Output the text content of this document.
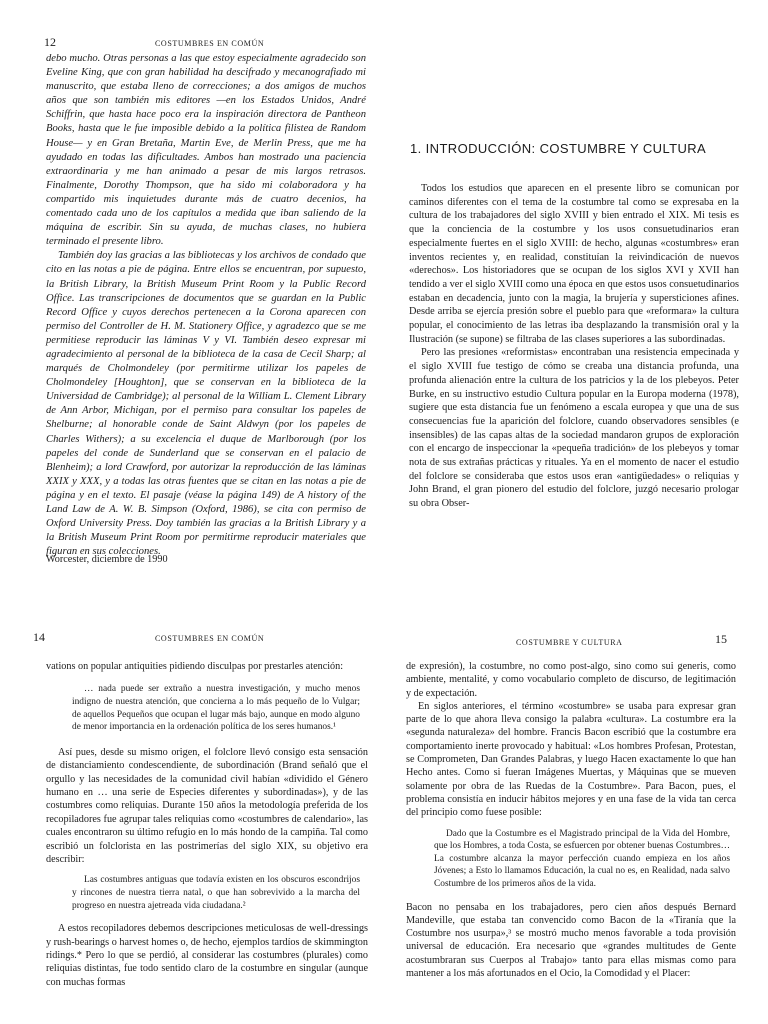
12	COSTUMBRES EN COMÚN

debo mucho. Otras personas a las que estoy especialmente agradecido son Eveline King, que con gran habilidad ha descifrado y mecanografiado mi manuscrito, que estaba lleno de correcciones; a dos amigos de muchos años que son también mis editores —en los Estados Unidos, André Schiffrin, que hasta hace poco era la inspiración directora de Pantheon Books, hasta que le fue imposible debido a la política filistea de Random House— y en Gran Bretaña, Martin Eve, de Merlin Press, que me ha ayudado en todas las dificultades. Ambos han mostrado una paciencia extraordinaria y me han animado a pesar de mis largos retrasos. Finalmente, Dorothy Thompson, que ha sido mi colaboradora y ha compartido mis inquietudes durante más de cuatro decenios, ha comentado cada uno de los capítulos a medida que iban saliendo de la máquina de escribir. Sin su ayuda, de muchas clases, no hubiera terminado el presente libro.

También doy las gracias a las bibliotecas y los archivos de condado que cito en las notas a pie de página. Entre ellos se encuentran, por supuesto, la British Library, la British Museum Print Room y la Public Record Office. Las transcripciones de documentos que se guardan en la Public Record Office y cuyos derechos pertenecen a la Corona aparecen con permiso del Controller de H. M. Stationery Office, y agradezco que se me permitiese reproducir las láminas V y VI. También deseo expresar mi agradecimiento al personal de la biblioteca de la casa de Cecil Sharp; al marqués de Cholmondeley (por permitirme utilizar los papeles de Cholmondeley [Houghton], que se conservan en la biblioteca de la Universidad de Cambridge); al personal de la William L. Clement Library de Ann Arbor, Michigan, por el permiso para consultar los papeles de Shelburne; al honorable conde de Saint Aldwyn (por los papeles de Charles Withers); a su excelencia el duque de Marlborough (por los papeles del conde de Sunderland que se conservan en el palacio de Blenheim); a lord Crawford, por autorizar la reproducción de las láminas XXIX y XXX, y a todas las otras fuentes que se citan en las notas a pie de página y en el texto. El pasaje (véase la página 149) de A history of the Land Law de A. W. B. Simpson (Oxford, 1986), se cita con permiso de Oxford University Press. Doy también las gracias a la British Library y a la British Museum Print Room por permitirme reproducir materiales que figuran en sus colecciones.

Worcester, diciembre de 1990
1. INTRODUCCIÓN: COSTUMBRE Y CULTURA

Todos los estudios que aparecen en el presente libro se comunican por caminos diferentes con el tema de la costumbre tal como se expresaba en la cultura de los trabajadores del siglo XVIII y bien entrado el XIX. Mi tesis es que la conciencia de la costumbre y los usos consuetudinarios eran especialmente fuertes en el siglo XVIII: de hecho, algunas «costumbres» eran inventos recientes y, en realidad, constituían la reivindicación de nuevos «derechos». Los historiadores que se ocupan de los siglos XVI y XVII han tendido a ver el siglo XVIII como una época en que estos usos consuetudinarios estaban en decadencia, junto con la magia, la brujería y supersticiones afines. Desde arriba se ejercía presión sobre el pueblo para que «reformara» la cultura popular, el conocimiento de las letras iba desplazando la transmisión oral y la Ilustración (se supone) se filtraba de las clases superiores a las subordinadas.

Pero las presiones «reformistas» encontraban una resistencia empecinada y el siglo XVIII fue testigo de cómo se creaba una distancia profunda, una profunda alienación entre la cultura de los patricios y la de los plebeyos. Peter Burke, en su instructivo estudio Cultura popular en la Europa moderna (1978), sugiere que esta distancia fue un fenómeno a escala europea y que una de sus consecuencias fue la aparición del folclore, cuando observadores sensibles (e insensibles) de las capas altas de la sociedad mandaron grupos de exploración con el encargo de inspeccionar la «pequeña tradición» de los plebeyos y tomar nota de sus extrañas prácticas y rituales. Ya en el momento de nacer el estudio del folclore se consideraba que estos usos eran «antigüedades» o reliquias y John Brand, el gran pionero del estudio del folclore, juzgó necesario prologar su obra Obser-

14	COSTUMBRES EN COMÚN

vations on popular antiquities pidiendo disculpas por prestarles atención:

… nada puede ser extraño a nuestra investigación, y mucho menos indigno de nuestra atención, que concierna a lo más pequeño de lo Vulgar; de aquellos Pequeños que ocupan el lugar más bajo, aunque en modo alguno de menor importancia en la ordenación política de los seres humanos.¹

Así pues, desde su mismo origen, el folclore llevó consigo esta sensación de distanciamiento condescendiente, de subordinación (Brand señaló que el orgullo y las necesidades de la comunidad civil habían «dividido el Género humano en … una serie de Especies diferentes y subordinadas»), y de las costumbres como reliquias. Durante 150 años la metodología preferida de los recopiladores fue agrupar tales reliquias como «costumbres de calendario», las cuales encontraron su último refugio en lo más hondo de la campiña. Tal como escribió un folclorista en las postrimerías del siglo XIX, su objetivo era describir:

Las costumbres antiguas que todavía existen en los obscuros escondrijos y rincones de nuestra tierra natal, o que han sobrevivido a la marcha del progreso en nuestra ajetreada vida ciudadana.²

A estos recopiladores debemos descripciones meticulosas de well-dressings y rush-bearings o harvest homes o, de hecho, ejemplos tardíos de skimmington ridings.* Pero lo que se perdió, al considerar las costumbres (plurales) como reliquias distintas, fue todo sentido claro de la costumbre en singular (aunque con muchas formas

COSTUMBRE Y CULTURA	15

de expresión), la costumbre, no como post-algo, sino como sui generis, como ambiente, mentalité, y como vocabulario completo de discurso, de legitimación y de expectación.

En siglos anteriores, el término «costumbre» se usaba para expresar gran parte de lo que ahora lleva consigo la palabra «cultura». La costumbre era la «segunda naturaleza» del hombre. Francis Bacon escribió que la costumbre era comportamiento inerte provocado y habitual: «Los hombres Profesan, Protestan, se Comprometen, Dan Grandes Palabras, y luego Hacen exactamente lo que han Hecho antes. Como si fueran Imágenes Muertas, y Máquinas que se mueven solamente por obra de las Ruedas de la Costumbre». Para Bacon, pues, el problema consistía en inducir hábitos mejores y en una fase de la vida tan cerca del principio como fuese posible:

Dado que la Costumbre es el Magistrado principal de la Vida del Hombre, que los Hombres, a toda Costa, se esfuercen por obtener buenas Costumbres… La costumbre alcanza la mayor perfección cuando empieza en los años Jóvenes; a Esto lo llamamos Educación, la cual no es, en Realidad, nada salvo Costumbre de los primeros años de la vida.

Bacon no pensaba en los trabajadores, pero cien años después Bernard Mandeville, que estaba tan convencido como Bacon de la «Tiranía que la Costumbre nos usurpa»,³ se mostró mucho menos favorable a toda provisión universal de educación. Era necesario que «grandes multitudes de Gente acostumbraran sus Cuerpos al Trabajo» tanto para ellas mismas como para mantener a los más afortunados en el Ocio, la Comodidad y el Placer:
